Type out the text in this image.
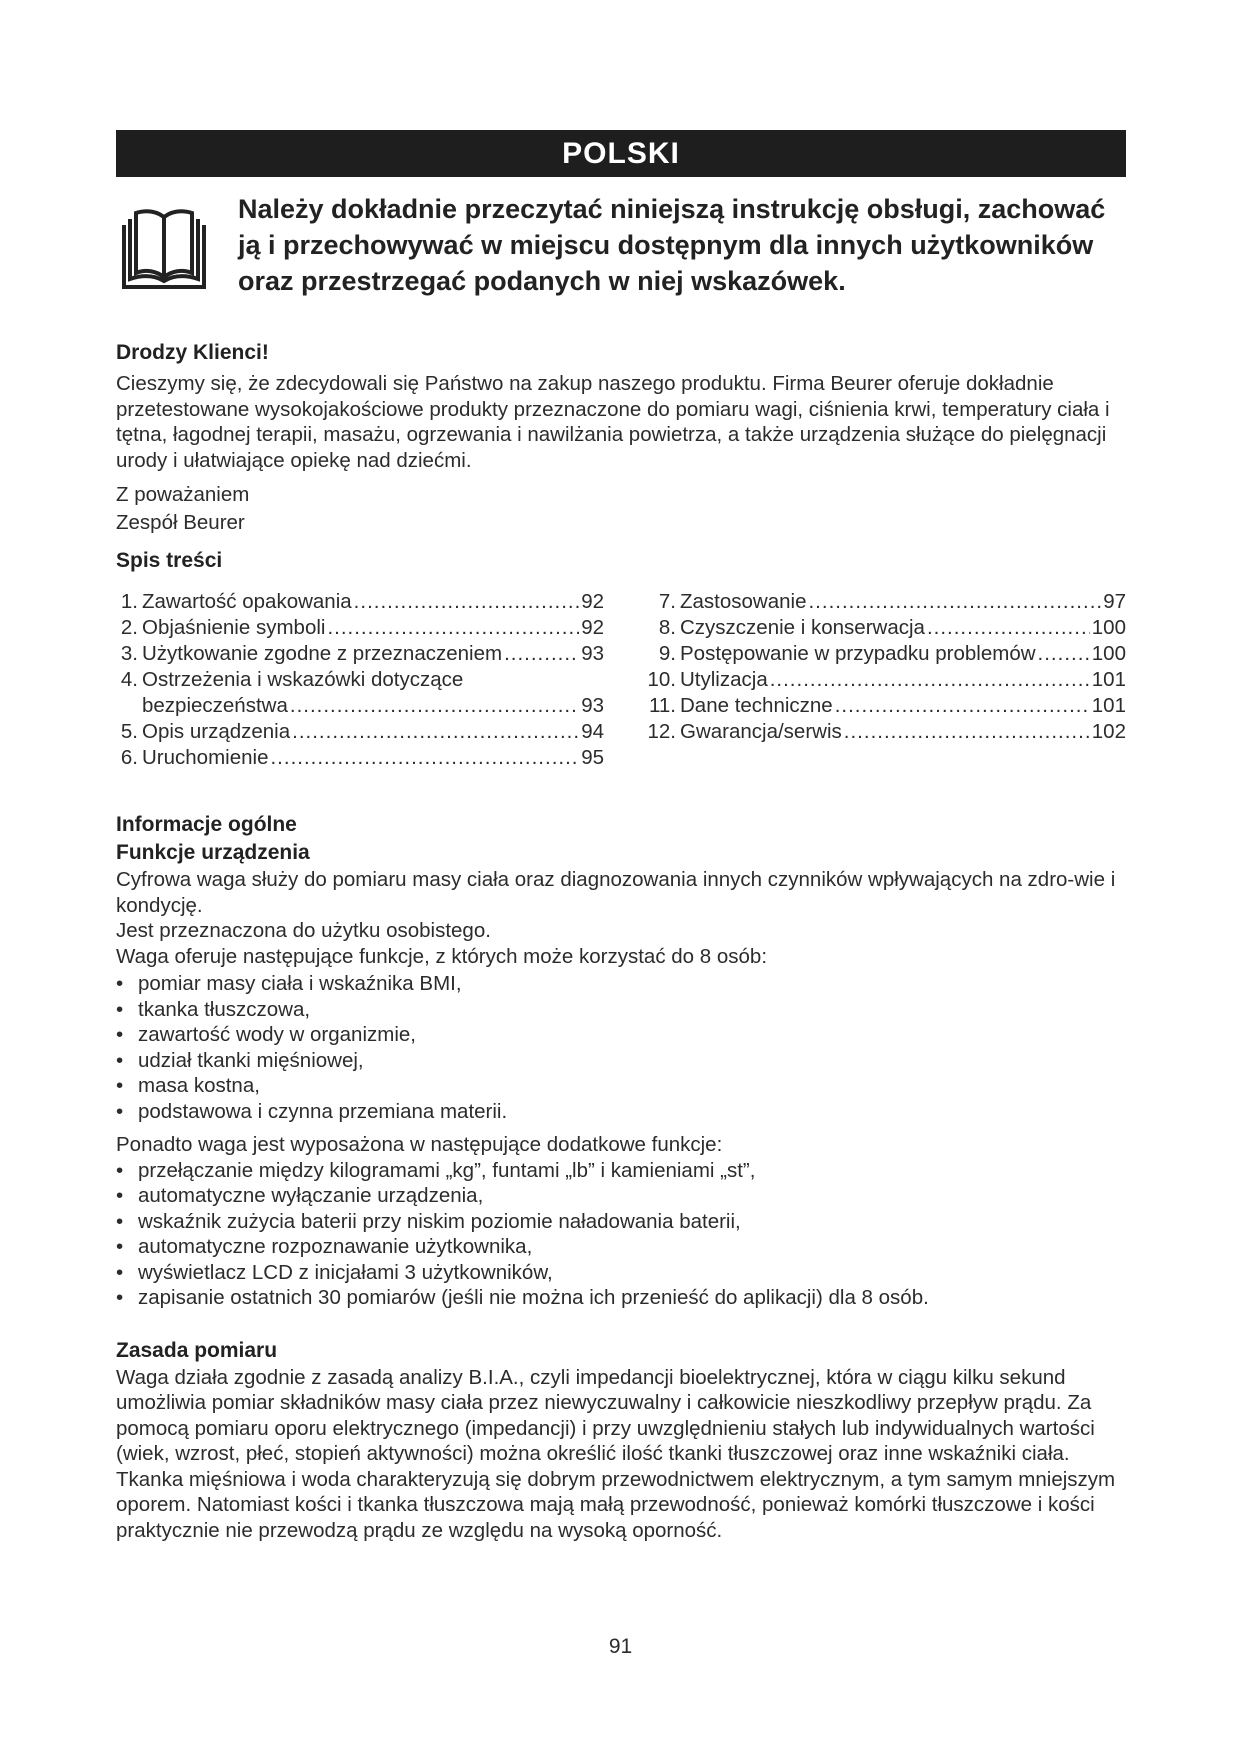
POLSKI
Należy dokładnie przeczytać niniejszą instrukcję obsługi, zachować
ją i przechowywać w miejscu dostępnym dla innych użytkowników
oraz przestrzegać podanych w niej wskazówek.
Drodzy Klienci!

Cieszymy się, że zdecydowali się Państwo na zakup naszego produktu. Firma Beurer oferuje dokładnie przetestowane wysokojakościowe produkty przeznaczone do pomiaru wagi, ciśnienia krwi, temperatury ciała i tętna, łagodnej terapii, masażu, ogrzewania i nawilżania powietrza, a także urządzenia służące do pielęgnacji urody i ułatwiające opiekę nad dziećmi.

Z poważaniem

Zespół Beurer

Spis treści
1. Zawartość opakowania .....	92
2. Objaśnienie symboli .....	92
3. Użytkowanie zgodne z przeznaczeniem .....	93
4. Ostrzeżenia i wskazówki dotyczące
bezpieczeństwa .....	93
5. Opis urządzenia .....	94
6. Uruchomienie .....	95
7. Zastosowanie .....	97
8. Czyszczenie i konserwacja .....	100
9. Postępowanie w przypadku problemów .....	100
10. Utylizacja .....	101
11. Dane techniczne .....	101
12. Gwarancja/serwis .....	102
Informacje ogólne
Funkcje urządzenia

Cyfrowa waga służy do pomiaru masy ciała oraz diagnozowania innych czynników wpływających na zdro-wie i kondycję.

Jest przeznaczona do użytku osobistego.

Waga oferuje następujące funkcje, z których może korzystać do 8 osób:

• pomiar masy ciała i wskaźnika BMI,
• tkanka tłuszczowa,
• zawartość wody w organizmie,
• udział tkanki mięśniowej,
• masa kostna,
• podstawowa i czynna przemiana materii.

Ponadto waga jest wyposażona w następujące dodatkowe funkcje:

• przełączanie między kilogramami „kg”, funtami „lb” i kamieniami „st”,
• automatyczne wyłączanie urządzenia,
• wskaźnik zużycia baterii przy niskim poziomie naładowania baterii,
• automatyczne rozpoznawanie użytkownika,
• wyświetlacz LCD z inicjałami 3 użytkowników,
• zapisanie ostatnich 30 pomiarów (jeśli nie można ich przenieść do aplikacji) dla 8 osób.
Zasada pomiaru

Waga działa zgodnie z zasadą analizy B.I.A., czyli impedancji bioelektrycznej, która w ciągu kilku sekund umożliwia pomiar składników masy ciała przez niewyczuwalny i całkowicie nieszkodliwy przepływ prądu. Za pomocą pomiaru oporu elektrycznego (impedancji) i przy uwzględnieniu stałych lub indywidualnych wartości (wiek, wzrost, płeć, stopień aktywności) można określić ilość tkanki tłuszczowej oraz inne wskaźniki ciała. Tkanka mięśniowa i woda charakteryzują się dobrym przewodnictwem elektrycznym, a tym samym mniejszym oporem. Natomiast kości i tkanka tłuszczowa mają małą przewodność, ponieważ komórki tłuszczowe i kości praktycznie nie przewodzą prądu ze względu na wysoką oporność.

91
